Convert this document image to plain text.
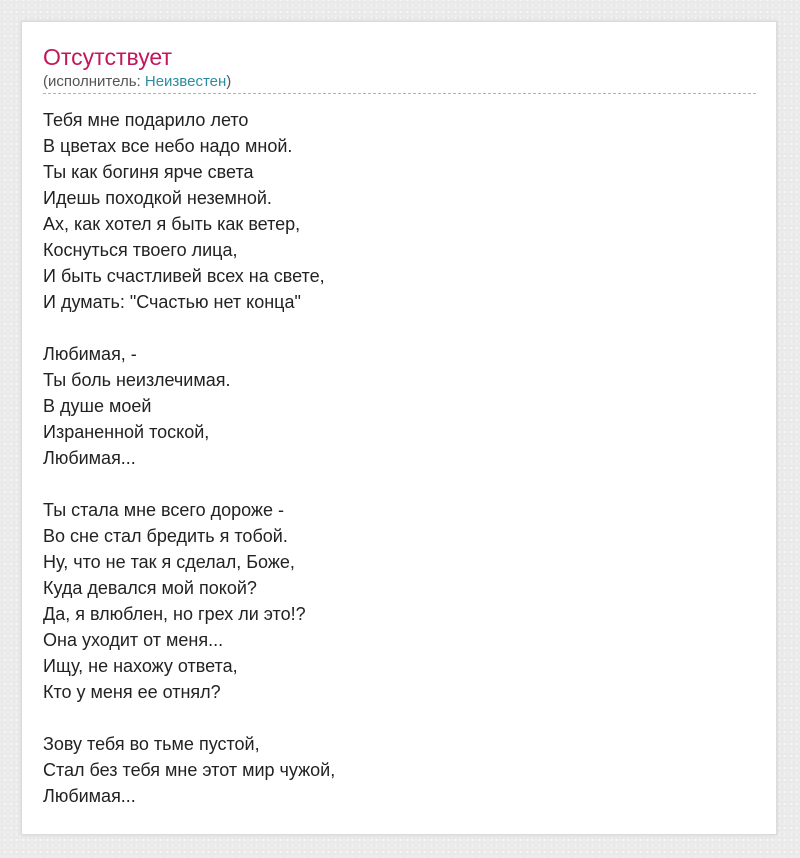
Отсутствует
(исполнитель: Неизвестен)
Тебя мне подарило лето
В цветах все небо надо мной.
Ты как богиня ярче света
Идешь походкой неземной.
Ах, как хотел я быть как ветер,
Коснуться твоего лица,
И быть счастливей всех на свете,
И думать: "Счастью нет конца"
Любимая, -
Ты боль неизлечимая.
В душе моей
Израненной тоской,
Любимая...
Ты стала мне всего дороже -
Во сне стал бредить я тобой.
Ну, что не так я сделал, Боже,
Куда девался мой покой?
Да, я влюблен, но грех ли это!?
Она уходит от меня...
Ищу, не нахожу ответа,
Кто у меня ее отнял?
Зову тебя во тьме пустой,
Стал без тебя мне этот мир чужой,
Любимая...
